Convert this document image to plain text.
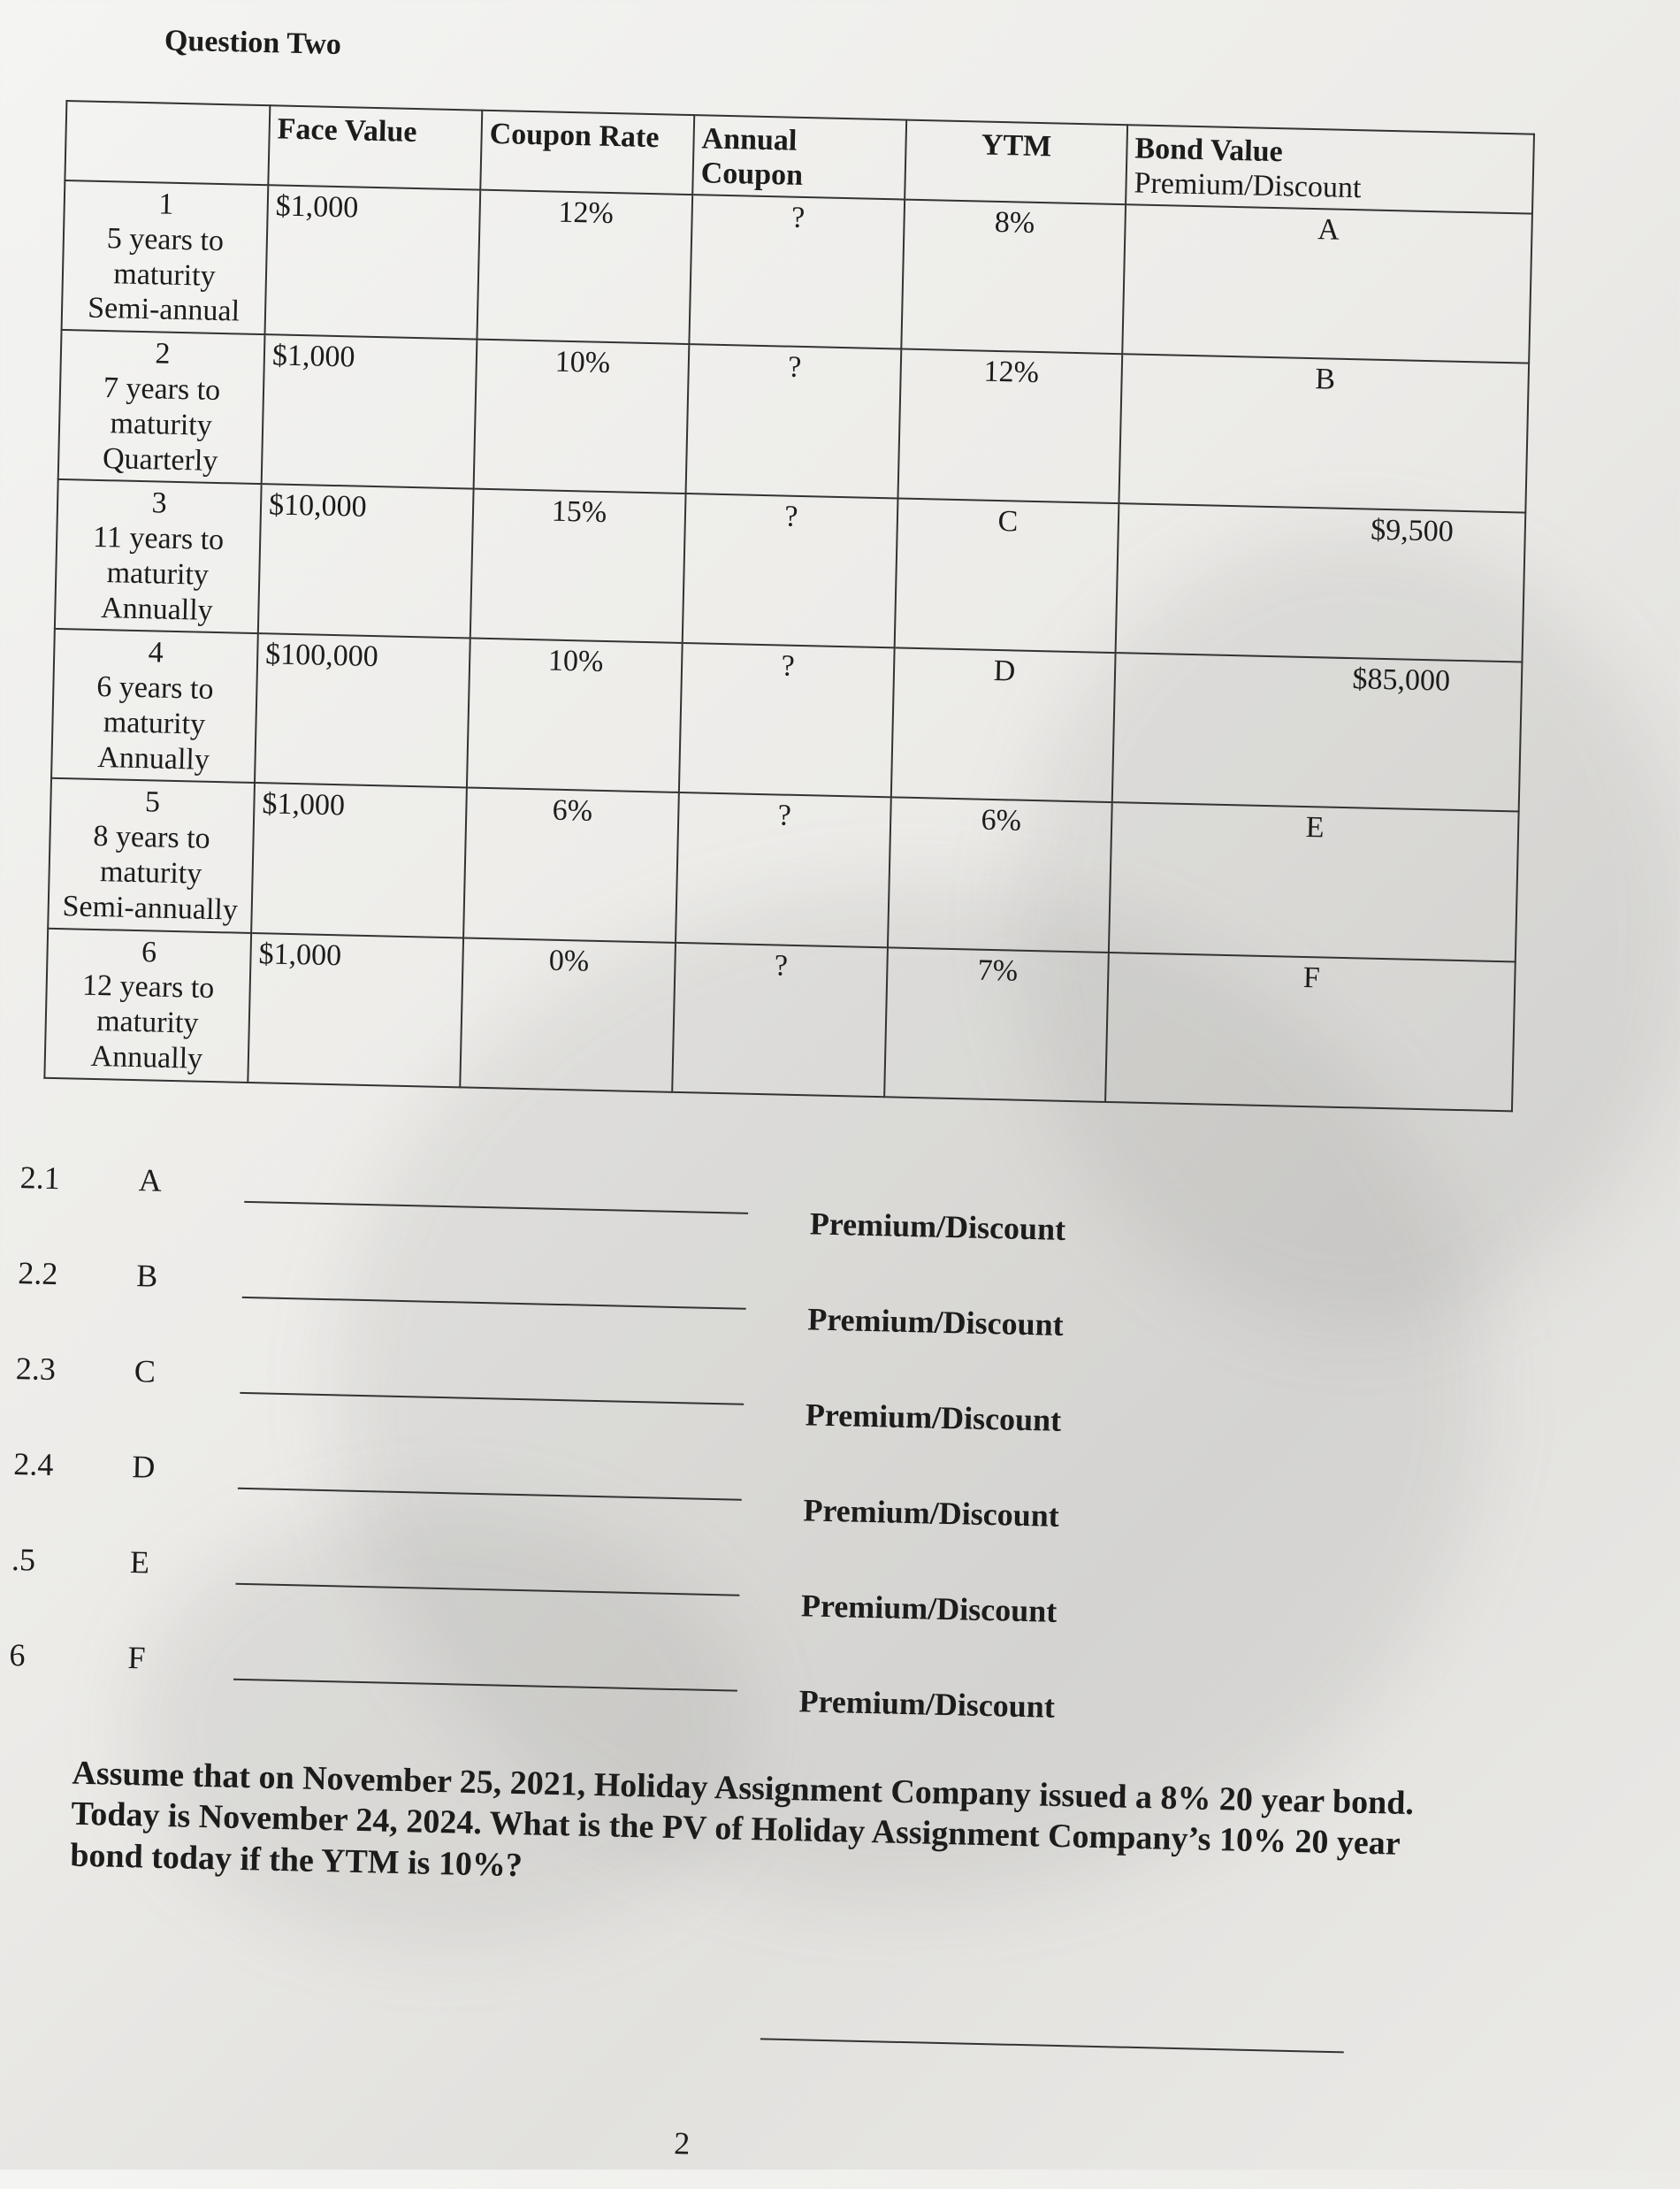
Question Two
	Face Value	Coupon Rate	Annual Coupon	YTM	Bond Value
Premium/Discount

1
5 years to maturity
Semi-annual	$1,000	12%	?	8%	A

2
7 years to maturity
Quarterly	$1,000	10%	?	12%	B

3
11 years to maturity
Annually	$10,000	15%	?	C	$9,500

4
6 years to maturity
Annually	$100,000	10%	?	D	$85,000

5
8 years to maturity
Semi-annually	$1,000	6%	?	6%	E

6
12 years to maturity
Annually	$1,000	0%	?	7%	F
2.1 A
Premium/Discount
2.2 B
Premium/Discount
2.3 C
Premium/Discount
2.4 D
Premium/Discount
.5	E
Premium/Discount
6	F
Premium/Discount
Assume that on November 25, 2021, Holiday Assignment Company issued a 8% 20 year bond. Today is November 24, 2024. What is the PV of Holiday Assignment Company’s 10% 20 year bond today if the YTM is 10%?
2
